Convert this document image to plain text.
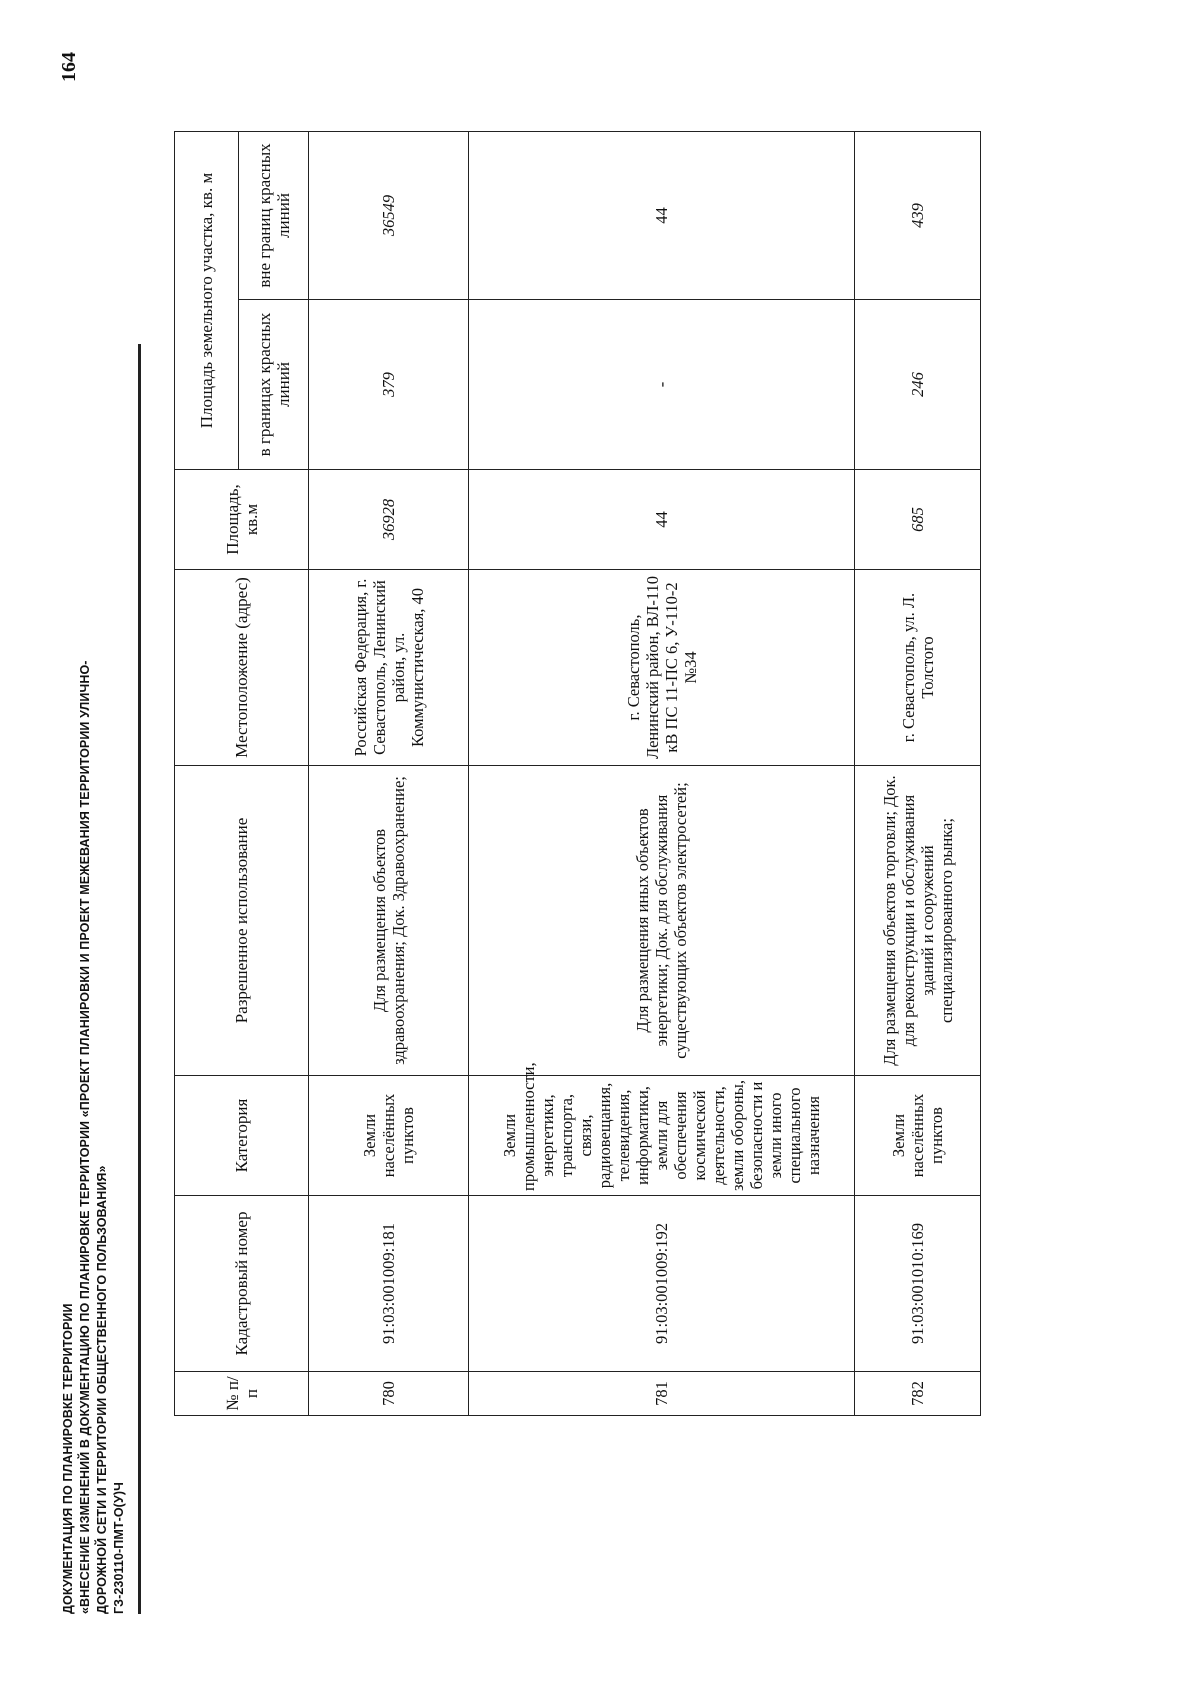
ДОКУМЕНТАЦИЯ ПО ПЛАНИРОВКЕ ТЕРРИТОРИИ «ВНЕСЕНИЕ ИЗМЕНЕНИЙ В ДОКУМЕНТАЦИЮ ПО ПЛАНИРОВКЕ ТЕРРИТОРИИ «ПРОЕКТ ПЛАНИРОВКИ И ПРОЕКТ МЕЖЕВАНИЯ ТЕРРИТОРИИ УЛИЧНО- ДОРОЖНОЙ СЕТИ И ТЕРРИТОРИИ ОБЩЕСТВЕННОГО ПОЛЬЗОВАНИЯ» ГЗ-230110-ПМТ-О(У)Ч
164
№ п/п	Кадастровый номер	Категория	Разрешенное использование	Местоположение (адрес)	Площадь, кв.м	Площадь земельного участка, кв. м	
						в границах красных линий	вне границ красных линий
780	91:03:001009:181	Земли населённых пунктов	Для размещения объектов здравоохранения; Док. Здравоохранение;	Российская Федерация, г. Севастополь, Ленинский район, ул. Коммунистическая, 40	36928	379	36549
781	91:03:001009:192	Земли промышленности, энергетики, транспорта, связи, радиовещания, телевидения, информатики, земли для обеспечения космической деятельности, земли обороны, безопасности и земли иного специального назначения	Для размещения иных объектов энергетики; Док. для обслуживания существующих объектов электросетей;	г. Севастополь, Ленинский район, ВЛ-110 кВ ПС 11-ПС 6, У-110-2 №34	44	-	44
782	91:03:001010:169	Земли населённых пунктов	Для размещения объектов торговли; Док. для реконструкции и обслуживания зданий и сооружений специализированного рынка;	г. Севастополь, ул. Л. Толстого	685	246	439
